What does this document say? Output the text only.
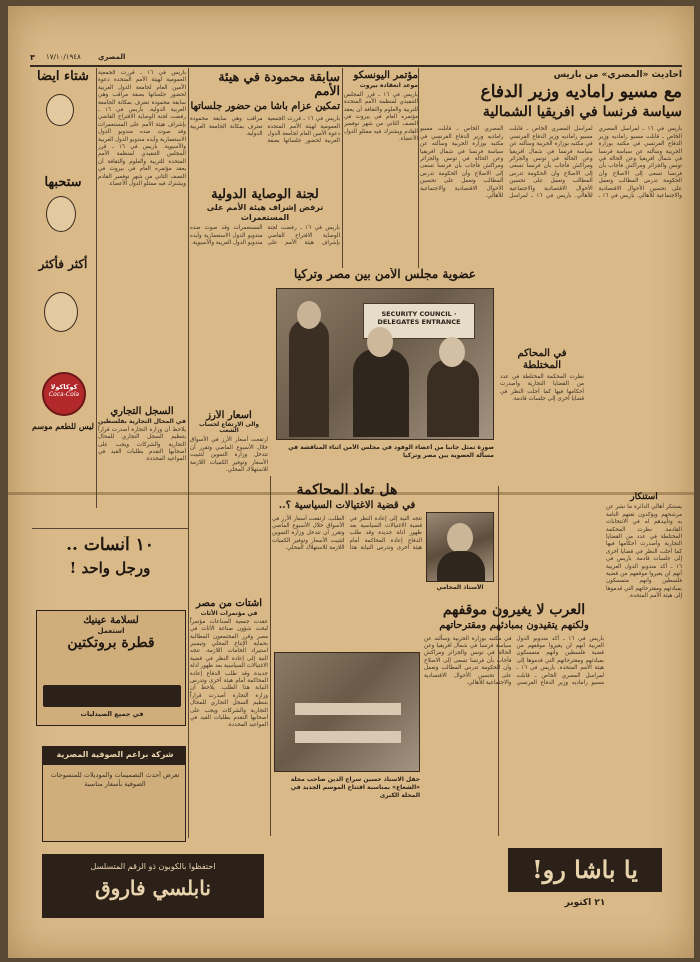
٣ ١٧/١٠/١٩٤٨ المصري
أحاديث «المصري» من باريس
مع مسيو راماديه وزير الدفاع
سياسة فرنسا في افريقيا الشمالية
باريس في ١٦ ـ لمراسل المصري الخاص ـ قابلت مسيو راماديه وزير الدفاع الفرنسي في مكتبه بوزارة الحربية وسألته عن سياسة فرنسا في شمال افريقيا وعن الحالة في تونس والجزائر ومراكش فأجاب بأن فرنسا تسعى إلى الاصلاح وأن الحكومة تدرس المطالب وتعمل على تحسين الأحوال الاقتصادية والاجتماعية للأهالي. باريس في ١٦ ـ لمراسل المصري الخاص ـ قابلت مسيو راماديه وزير الدفاع الفرنسي في مكتبه بوزارة الحربية وسألته عن سياسة فرنسا في شمال افريقيا وعن الحالة في تونس والجزائر ومراكش فأجاب بأن فرنسا تسعى إلى الاصلاح وأن الحكومة تدرس المطالب وتعمل على تحسين الأحوال الاقتصادية والاجتماعية للأهالي. باريس في ١٦ ـ لمراسل المصري الخاص ـ قابلت مسيو راماديه وزير الدفاع الفرنسي في مكتبه بوزارة الحربية وسألته عن سياسة فرنسا في شمال افريقيا وعن الحالة في تونس والجزائر ومراكش فأجاب بأن فرنسا تسعى إلى الاصلاح وأن الحكومة تدرس المطالب وتعمل على تحسين الأحوال الاقتصادية والاجتماعية للأهالي.
مؤتمر اليونسكو
موعد انعقاده بيروت
باريس في ١٦ ـ قرر المجلس التنفيذي لمنظمة الأمم المتحدة للتربية والعلوم والثقافة أن يعقد مؤتمره العام في بيروت في النصف الثاني من شهر نوفمبر القادم ويشترك فيه ممثلو الدول الأعضاء.
سابقة محمودة في هيئة الأمم
تمكين عزام باشا من حضور جلساتها
باريس في ١٦ ـ قررت الجمعية العمومية لهيئة الأمم المتحدة دعوة الأمين العام لجامعة الدول العربية لحضور جلساتها بصفة مراقب وهي سابقة محمودة تعترف بمكانة الجامعة العربية الدولية.
لجنة الوصاية الدولية
ترفض إشراف هيئة الأمم على المستعمرات
باريس في ١٦ ـ رفضت لجنة الوصاية الاقتراح القاضي بإشراف هيئة الأمم على المستعمرات وقد صوت ضده مندوبو الدول الاستعمارية وأيده مندوبو الدول العربية والآسيوية.
عضوية مجلس الأمن بين مصر وتركيا
SECURITY COUNCIL · DELEGATES ENTRANCE
صورة تمثل جانباً من أعضاء الوفود في مجلس الأمن أثناء المناقشة في مسألة العضوية بين مصر وتركيا
السجل التجاري
في المحال التجارية بفلسطين
يلاحظ أن وزارة التجارة أصدرت قراراً بتنظيم السجل التجاري للمحال التجارية والشركات ويجب على أصحابها التقدم بطلبات القيد في المواعيد المحددة.
باريس في ١٦ ـ قررت الجمعية العمومية لهيئة الأمم المتحدة دعوة الأمين العام لجامعة الدول العربية لحضور جلساتها بصفة مراقب وهي سابقة محمودة تعترف بمكانة الجامعة العربية الدولية. باريس في ١٦ ـ رفضت لجنة الوصاية الاقتراح القاضي بإشراف هيئة الأمم على المستعمرات وقد صوت ضده مندوبو الدول الاستعمارية وأيده مندوبو الدول العربية والآسيوية. باريس في ١٦ ـ قرر المجلس التنفيذي لمنظمة الأمم المتحدة للتربية والعلوم والثقافة أن يعقد مؤتمره العام في بيروت في النصف الثاني من شهر نوفمبر القادم ويشترك فيه ممثلو الدول الأعضاء.
أسعار الأرز
والى الارتفاع لحساب الشعب
ارتفعت أسعار الأرز في الأسواق خلال الأسبوع الماضي وتقرر أن تتدخل وزارة التموين لتثبيت الأسعار وتوفير الكميات اللازمة للاستهلاك المحلي.
هل تعاد المحاكمة
في قضية الاغتيالات السياسية ؟..
تتجه النية إلى إعادة النظر في قضية الاغتيالات السياسية بعد ظهور أدلة جديدة وقد طلب الدفاع إعادة المحاكمة أمام هيئة أخرى وتدرس النيابة هذا الطلب. ارتفعت أسعار الأرز في الأسواق خلال الأسبوع الماضي وتقرر أن تتدخل وزارة التموين لتثبيت الأسعار وتوفير الكميات اللازمة للاستهلاك المحلي.
الأستاذ المحامي
أشتات من مصر
في مؤتمرات الأثاث
عقدت جمعية الصناعات مؤتمراً لبحث شؤون صناعة الأثاث في مصر وقرر المجتمعون المطالبة بحماية الإنتاج المحلي وتيسير استيراد الخامات اللازمة. تتجه النية إلى إعادة النظر في قضية الاغتيالات السياسية بعد ظهور أدلة جديدة وقد طلب الدفاع إعادة المحاكمة أمام هيئة أخرى وتدرس النيابة هذا الطلب. يلاحظ أن وزارة التجارة أصدرت قراراً بتنظيم السجل التجاري للمحال التجارية والشركات ويجب على أصحابها التقدم بطلبات القيد في المواعيد المحددة.
العرب لا يغيرون موقفهم
ولكنهم يتقيدون بمبادئهم ومقترحاتهم
باريس في ١٦ ـ أكد مندوبو الدول العربية أنهم لن يغيروا موقفهم من قضية فلسطين وأنهم متمسكون بمبادئهم ومقترحاتهم التي قدموها إلى هيئة الأمم المتحدة. باريس في ١٦ ـ لمراسل المصري الخاص ـ قابلت مسيو راماديه وزير الدفاع الفرنسي في مكتبه بوزارة الحربية وسألته عن سياسة فرنسا في شمال افريقيا وعن الحالة في تونس والجزائر ومراكش فأجاب بأن فرنسا تسعى إلى الاصلاح وأن الحكومة تدرس المطالب وتعمل على تحسين الأحوال الاقتصادية والاجتماعية للأهالي.
في المحاكم المختلطة
نظرت المحكمة المختلطة في عدد من القضايا التجارية وأصدرت أحكامها فيها كما أجلت النظر في قضايا أخرى إلى جلسات قادمة.
استنكار
يستنكر أهالي الدائرة ما نشر عن مرشحهم ويؤكدون ثقتهم التامة به وتأييدهم له في الانتخابات القادمة. نظرت المحكمة المختلطة في عدد من القضايا التجارية وأصدرت أحكامها فيها كما أجلت النظر في قضايا أخرى إلى جلسات قادمة. باريس في ١٦ ـ أكد مندوبو الدول العربية أنهم لن يغيروا موقفهم من قضية فلسطين وأنهم متمسكون بمبادئهم ومقترحاتهم التي قدموها إلى هيئة الأمم المتحدة.
حفل الاستاذ حسين سراج الدين صاحب مجلة «الشعاع» بمناسبة افتتاح الموسم الجديد في المحلة الكبرى
شتاء أيضاً
ستحبها
أكثر فأكثر
كوكاكولا
Coca-Cola
ليس للطعم موسم
١٠ آنسات ..
ورجل واحد !
لسلامة عينيك
استعمل
قطرة بروتكتين
في جميع الصيدليات
شركة براعم الصوفية المصرية
تعرض أحدث التصميمات والموديلات للمنسوجات الصوفية بأسعار مناسبة
احتفظوا بالكوبون ذو الرقم المتسلسل
نابلسي فاروق
يا باشا رو!
٢١ اكتوبر
